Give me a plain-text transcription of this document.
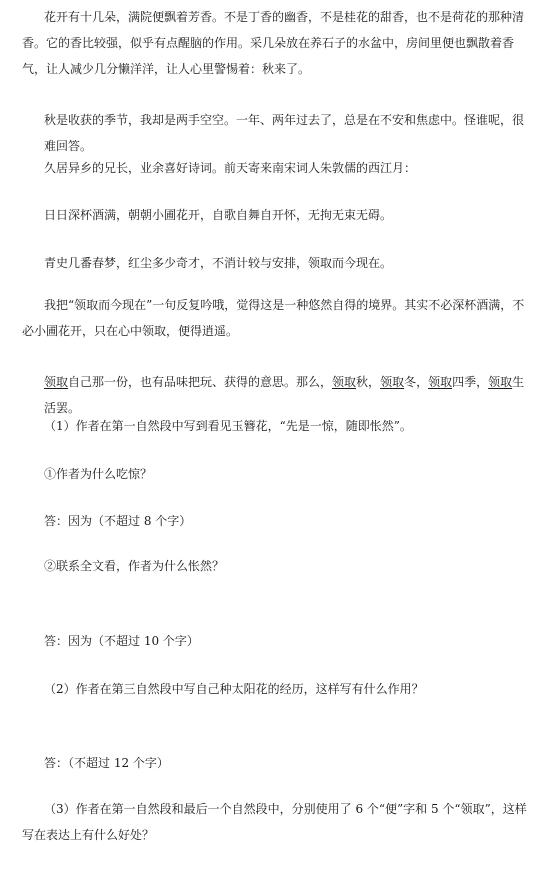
花开有十几朵，满院便飘着芳香。不是丁香的幽香，不是桂花的甜香，也不是荷花的那种清香。它的香比较强，似乎有点醒脑的作用。采几朵放在养石子的水盆中，房间里便也飘散着香气，让人减少几分懒洋洋，让人心里警惕着：秋来了。
秋是收获的季节，我却是两手空空。一年、两年过去了，总是在不安和焦虑中。怪谁呢，很难回答。
久居异乡的兄长，业余喜好诗词。前天寄来南宋词人朱敦儒的西江月：
日日深杯酒满，朝朝小圃花开，自歌自舞自开怀，无拘无束无碍。
青史几番春梦，红尘多少奇才，不消计较与安排，领取而今现在。
我把“领取而今现在”一句反复吟哦，觉得这是一种悠然自得的境界。其实不必深杯酒满，不必小圃花开，只在心中领取，便得逍遥。
领取自己那一份，也有品味把玩、获得的意思。那么，领取秋，领取冬，领取四季，领取生活罢。
（1）作者在第一自然段中写到看见玉簪花，“先是一惊，随即怅然”。
①作者为什么吃惊？
答：因为（不超过 8 个字）
②联系全文看，作者为什么怅然？
答：因为（不超过 10 个字）
（2）作者在第三自然段中写自己种太阳花的经历，这样写有什么作用？
答：（不超过 12 个字）
（3）作者在第一自然段和最后一个自然段中，分别使用了 6 个“便”字和 5 个“领取”，这样写在表达上有什么好处？
